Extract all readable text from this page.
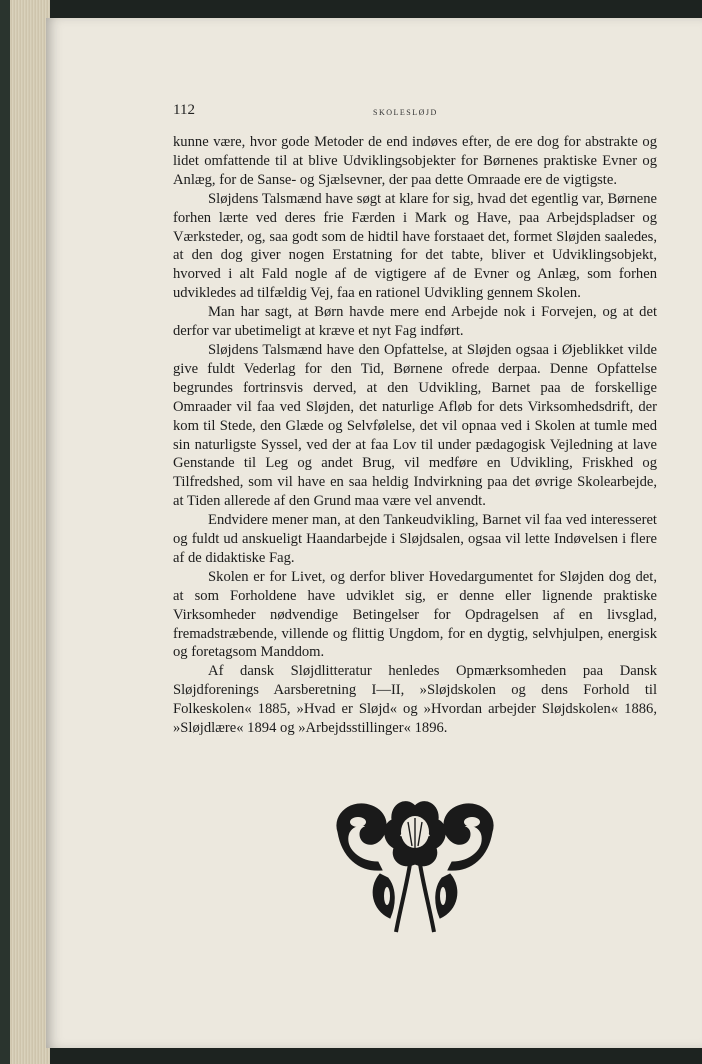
112	SKOLESLØJD

kunne være, hvor gode Metoder de end indøves efter, de ere dog for abstrakte og lidet omfattende til at blive Udviklingsobjekter for Børnenes praktiske Evner og Anlæg, for de Sanse- og Sjælsevner, der paa dette Omraade ere de vigtigste.

Sløjdens Talsmænd have søgt at klare for sig, hvad det egentlig var, Børnene forhen lærte ved deres frie Færden i Mark og Have, paa Arbejdspladser og Værksteder, og, saa godt som de hidtil have forstaaet det, formet Sløjden saaledes, at den dog giver nogen Erstatning for det tabte, bliver et Udviklingsobjekt, hvorved i alt Fald nogle af de vigtigere af de Evner og Anlæg, som forhen udvikledes ad tilfældig Vej, faa en rationel Udvikling gennem Skolen.

Man har sagt, at Børn havde mere end Arbejde nok i Forvejen, og at det derfor var ubetimeligt at kræve et nyt Fag indført.

Sløjdens Talsmænd have den Opfattelse, at Sløjden ogsaa i Øjeblikket vilde give fuldt Vederlag for den Tid, Børnene ofrede derpaa. Denne Opfattelse begrundes fortrinsvis derved, at den Udvikling, Barnet paa de forskellige Omraader vil faa ved Sløjden, det naturlige Afløb for dets Virksomhedsdrift, der kom til Stede, den Glæde og Selvfølelse, det vil opnaa ved i Skolen at tumle med sin naturligste Syssel, ved der at faa Lov til under pædagogisk Vejledning at lave Genstande til Leg og andet Brug, vil medføre en Udvikling, Friskhed og Tilfredshed, som vil have en saa heldig Indvirkning paa det øvrige Skolearbejde, at Tiden allerede af den Grund maa være vel anvendt.

Endvidere mener man, at den Tankeudvikling, Barnet vil faa ved interesseret og fuldt ud anskueligt Haandarbejde i Sløjdsalen, ogsaa vil lette Indøvelsen i flere af de didaktiske Fag.

Skolen er for Livet, og derfor bliver Hovedargumentet for Sløjden dog det, at som Forholdene have udviklet sig, er denne eller lignende praktiske Virksomheder nødvendige Betingelser for Opdragelsen af en livsglad, fremadstræbende, villende og flittig Ungdom, for en dygtig, selvhjulpen, energisk og foretagsom Manddom.

Af dansk Sløjdlitteratur henledes Opmærksomheden paa Dansk Sløjdforenings Aarsberetning I—II, »Sløjdskolen og dens Forhold til Folkeskolen« 1885, »Hvad er Sløjd« og »Hvordan arbejder Sløjdskolen« 1886, »Sløjdlære« 1894 og »Arbejdsstillinger« 1896.
